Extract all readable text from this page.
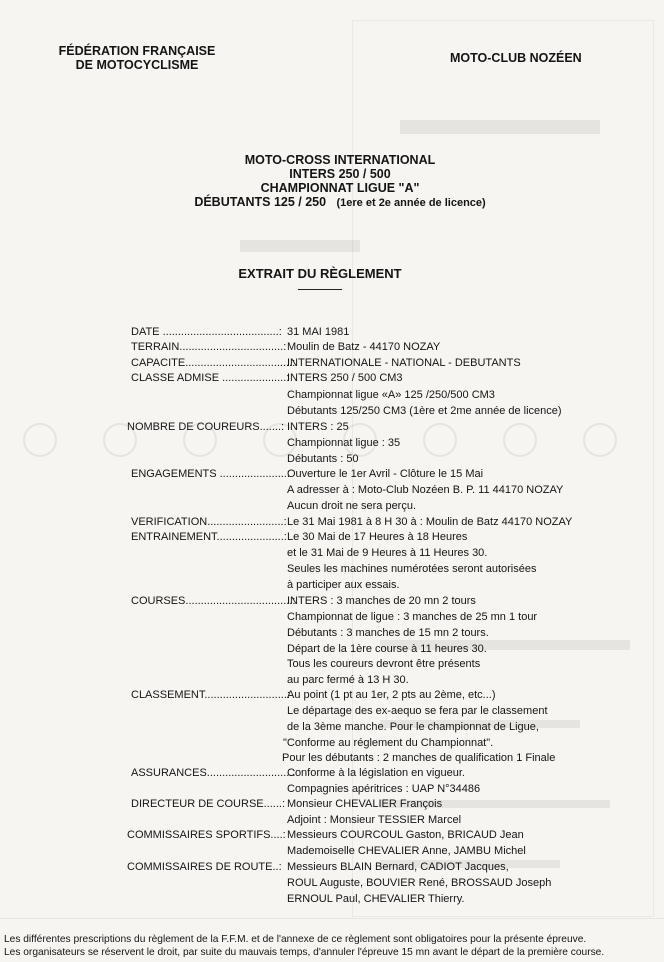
FÉDÉRATION FRANÇAISE
DE MOTOCYCLISME	MOTO-CLUB NOZÉEN
MOTO-CROSS INTERNATIONAL
INTERS 250 / 500
CHAMPIONNAT LIGUE "A"
DÉBUTANTS 125 / 250 (1ere et 2e année de licence)
EXTRAIT DU RÈGLEMENT
DATE ......................................: 31 MAI 1981
TERRAIN..................................: Moulin de Batz - 44170 NOZAY
CAPACITE...................................:
INTERNATIONALE - NATIONAL - DEBUTANTS
CLASSE ADMISE .....................:
INTERS 250 / 500 CM3
Championnat ligue «A» 125 /250/500 CM3
Débutants 125/250 CM3 (1ère et 2me année de licence)
NOMBRE DE COUREURS.......: INTERS : 25
Championnat ligue : 35
Débutants : 50
ENGAGEMENTS ......................:
Ouverture le 1er Avril - Clôture le 15 Mai
A adresser à : Moto-Club Nozéen B. P. 11 44170 NOZAY
Aucun droit ne sera perçu.
VERIFICATION.........................: Le 31 Mai 1981 à 8 H 30 à : Moulin de Batz 44170 NOZAY
ENTRAINEMENT......................: Le 30 Mai de 17 Heures à 18 Heures
et le 31 Mai de 9 Heures à 11 Heures 30.
Seules les machines numérotées seront autorisées
à participer aux essais.
COURSES...................................:
INTERS : 3 manches de 20 mn 2 tours
Championnat de ligue : 3 manches de 25 mn 1 tour
Débutants : 3 manches de 15 mn 2 tours.
Départ de la 1ère course à 11 heures 30.
Tous les coureurs devront être présents
au parc fermé à 13 H 30.
CLASSEMENT...........................:
Au point (1 pt au 1er, 2 pts au 2ème, etc...)
Le départage des ex-aequo se fera par le classement
de la 3ème manche. Pour le championnat de Ligue,
"Conforme au réglement du Championnat".
Pour les débutants : 2 manches de qualification 1 Finale
ASSURANCES............................:
Conforme à la législation en vigueur.
Compagnies apéritrices : UAP N°34486
DIRECTEUR DE COURSE......: Monsieur CHEVALIER François
Adjoint : Monsieur TESSIER Marcel
COMMISSAIRES SPORTIFS....: Messieurs COURCOUL Gaston, BRICAUD Jean
Mademoiselle CHEVALIER Anne, JAMBU Michel
COMMISSAIRES DE ROUTE..: Messieurs BLAIN Bernard, CADIOT Jacques,
ROUL Auguste, BOUVIER René, BROSSAUD Joseph
ERNOUL Paul, CHEVALIER Thierry.
Les différentes prescriptions du règlement de la F.F.M. et de l'annexe de ce règlement sont obligatoires pour la présente épreuve.
Les organisateurs se réservent le droit, par suite du mauvais temps, d'annuler l'épreuve 15 mn avant le départ de la première course.
